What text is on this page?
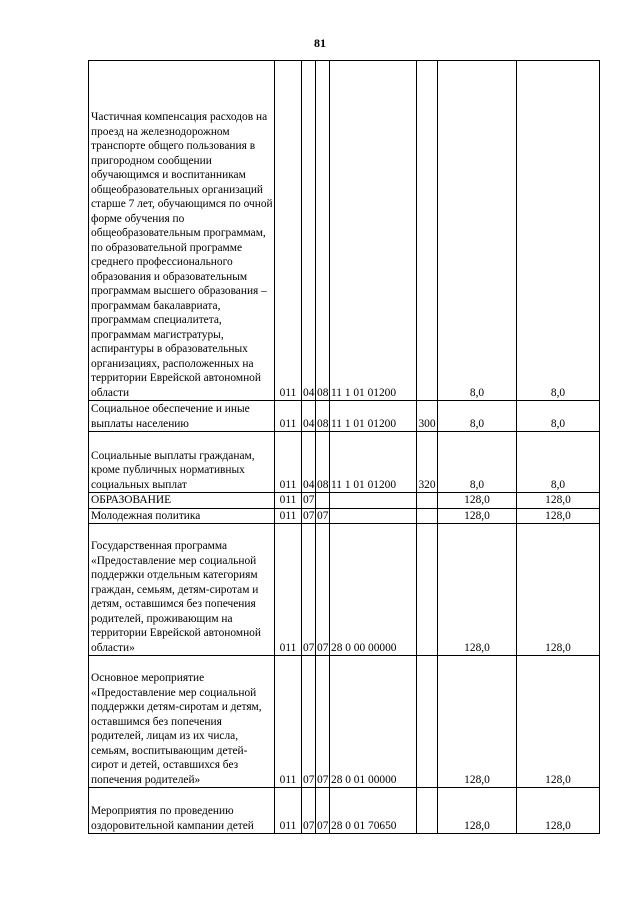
81
Частичная компенсация расходов на проезд на железнодорожном транспорте общего пользования в пригородном сообщении обучающимся и воспитанникам общеобразовательных организаций старше 7 лет, обучающимся по очной форме обучения по общеобразовательным программам, по образовательной программе среднего профессионального образования и образовательным программам высшего образования – программам бакалавриата, программам специалитета, программам магистратуры, аспирантуры в образовательных организациях, расположенных на территории Еврейской автономной области	011	04	08	11 1 01 01200		8,0	8,0
Социальное обеспечение и иные выплаты населению	011	04	08	11 1 01 01200	300	8,0	8,0
Социальные выплаты гражданам, кроме публичных нормативных социальных выплат	011	04	08	11 1 01 01200	320	8,0	8,0
ОБРАЗОВАНИЕ	011	07				128,0	128,0
Молодежная политика	011	07	07			128,0	128,0
Государственная программа «Предоставление мер социальной поддержки отдельным категориям граждан, семьям, детям-сиротам и детям, оставшимся без попечения родителей, проживающим на территории Еврейской автономной области»	011	07	07	28 0 00 00000		128,0	128,0
Основное мероприятие «Предоставление мер социальной поддержки детям-сиротам и детям, оставшимся без попечения родителей, лицам из их числа, семьям, воспитывающим детей-сирот и детей, оставшихся без попечения родителей»	011	07	07	28 0 01 00000		128,0	128,0
Мероприятия по проведению оздоровительной кампании детей	011	07	07	28 0 01 70650		128,0	128,0
